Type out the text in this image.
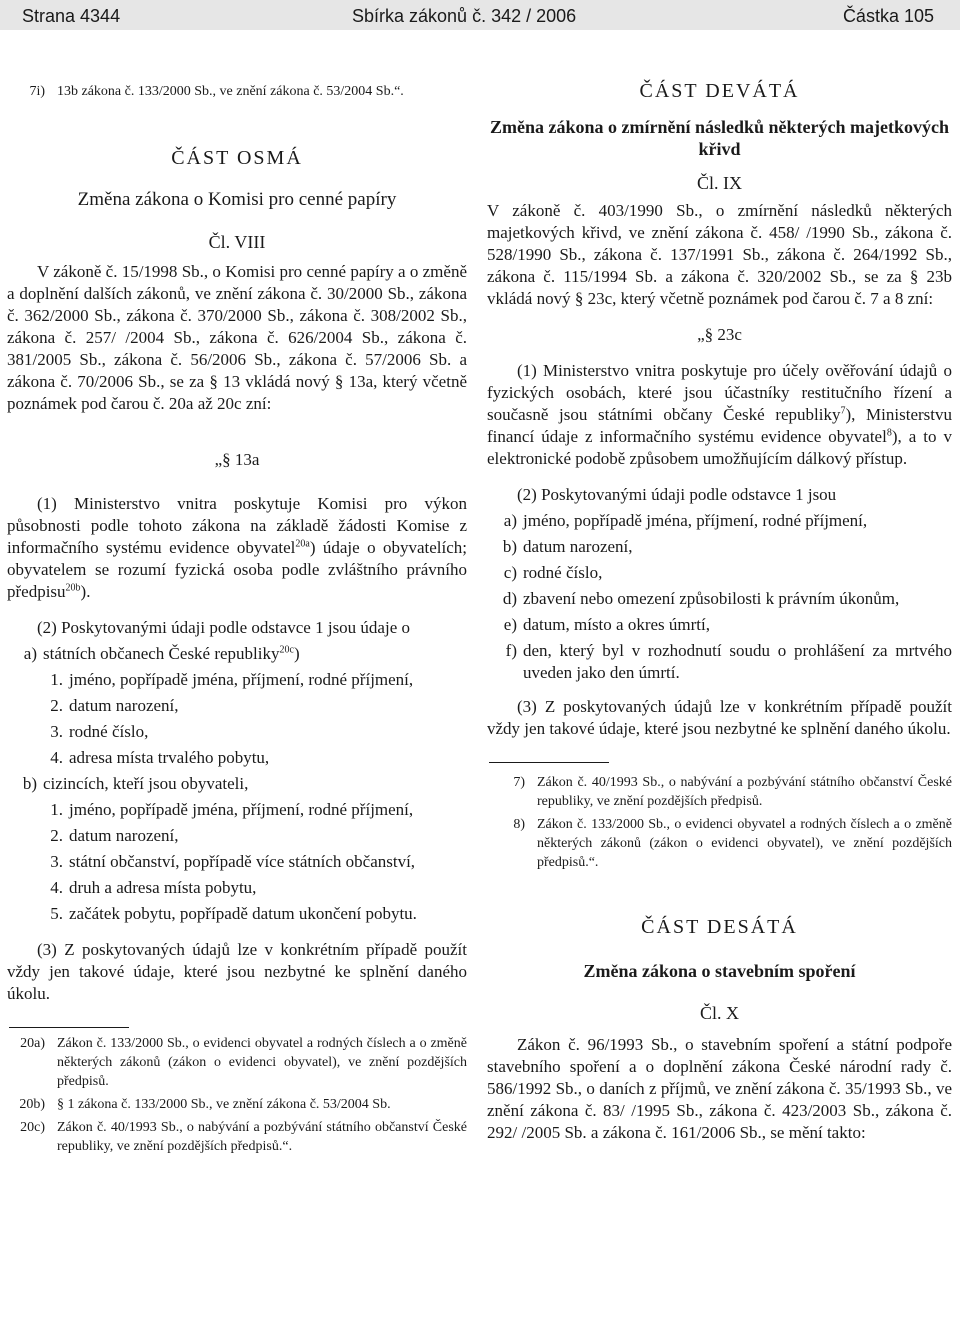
Strana 4344	Sbírka zákonů č. 342 / 2006	Částka 105
7i) 13b zákona č. 133/2000 Sb., ve znění zákona č. 53/2004 Sb.“.

ČÁST OSMÁ

Změna zákona o Komisi pro cenné papíry

Čl. VIII

V zákoně č. 15/1998 Sb., o Komisi pro cenné papíry a o změně a doplnění dalších zákonů, ve znění zákona č. 30/2000 Sb., zákona č. 362/2000 Sb., zákona č. 370/2000 Sb., zákona č. 308/2002 Sb., zákona č. 257/ /2004 Sb., zákona č. 626/2004 Sb., zákona č. 381/2005 Sb., zákona č. 56/2006 Sb., zákona č. 57/2006 Sb. a zákona č. 70/2006 Sb., se za § 13 vkládá nový § 13a, který včetně poznámek pod čarou č. 20a až 20c zní:

„§ 13a

(1) Ministerstvo vnitra poskytuje Komisi pro výkon působnosti podle tohoto zákona na základě žádosti Komise z informačního systému evidence obyvatel$^{20a}$) údaje o obyvatelích; obyvatelem se rozumí fyzická osoba podle zvláštního právního předpisu$^{20b}$).

(2) Poskytovanými údaji podle odstavce 1 jsou údaje o

a) státních občanech České republiky$^{20c}$)
1. jméno, popřípadě jména, příjmení, rodné příjmení,
2. datum narození,
3. rodné číslo,
4. adresa místa trvalého pobytu,
b) cizincích, kteří jsou obyvateli,
1. jméno, popřípadě jména, příjmení, rodné příjmení,
2. datum narození,
3. státní občanství, popřípadě více státních občanství,
4. druh a adresa místa pobytu,
5. začátek pobytu, popřípadě datum ukončení pobytu.

(3) Z poskytovaných údajů lze v konkrétním případě použít vždy jen takové údaje, které jsou nezbytné ke splnění daného úkolu.

20a) Zákon č. 133/2000 Sb., o evidenci obyvatel a rodných číslech a o změně některých zákonů (zákon o evidenci obyvatel), ve znění pozdějších předpisů.
20b) § 1 zákona č. 133/2000 Sb., ve znění zákona č. 53/2004 Sb.
20c) Zákon č. 40/1993 Sb., o nabývání a pozbývání státního občanství České republiky, ve znění pozdějších předpisů.“.

ČÁST DEVÁTÁ

Změna zákona o zmírnění následků některých majetkových křivd

Čl. IX

V zákoně č. 403/1990 Sb., o zmírnění následků některých majetkových křivd, ve znění zákona č. 458/ /1990 Sb., zákona č. 528/1990 Sb., zákona č. 137/1991 Sb., zákona č. 264/1992 Sb., zákona č. 115/1994 Sb. a zákona č. 320/2002 Sb., se za § 23b vkládá nový § 23c, který včetně poznámek pod čarou č. 7 a 8 zní:

„§ 23c

(1) Ministerstvo vnitra poskytuje pro účely ověřování údajů o fyzických osobách, které jsou účastníky restitučního řízení a současně jsou státními občany České republiky$^7$), Ministerstvu financí údaje z informačního systému evidence obyvatel$^8$), a to v elektronické podobě způsobem umožňujícím dálkový přístup.

(2) Poskytovanými údaji podle odstavce 1 jsou

a) jméno, popřípadě jména, příjmení, rodné příjmení,
b) datum narození,
c) rodné číslo,
d) zbavení nebo omezení způsobilosti k právním úkonům,
e) datum, místo a okres úmrtí,
f) den, který byl v rozhodnutí soudu o prohlášení za mrtvého uveden jako den úmrtí.

(3) Z poskytovaných údajů lze v konkrétním případě použít vždy jen takové údaje, které jsou nezbytné ke splnění daného úkolu.

7) Zákon č. 40/1993 Sb., o nabývání a pozbývání státního občanství České republiky, ve znění pozdějších předpisů.
8) Zákon č. 133/2000 Sb., o evidenci obyvatel a rodných číslech a o změně některých zákonů (zákon o evidenci obyvatel), ve znění pozdějších předpisů.“.

ČÁST DESÁTÁ

Změna zákona o stavebním spoření

Čl. X

Zákon č. 96/1993 Sb., o stavebním spoření a státní podpoře stavebního spoření a o doplnění zákona České národní rady č. 586/1992 Sb., o daních z příjmů, ve znění zákona č. 35/1993 Sb., ve znění zákona č. 83/ /1995 Sb., zákona č. 423/2003 Sb., zákona č. 292/ /2005 Sb. a zákona č. 161/2006 Sb., se mění takto:
